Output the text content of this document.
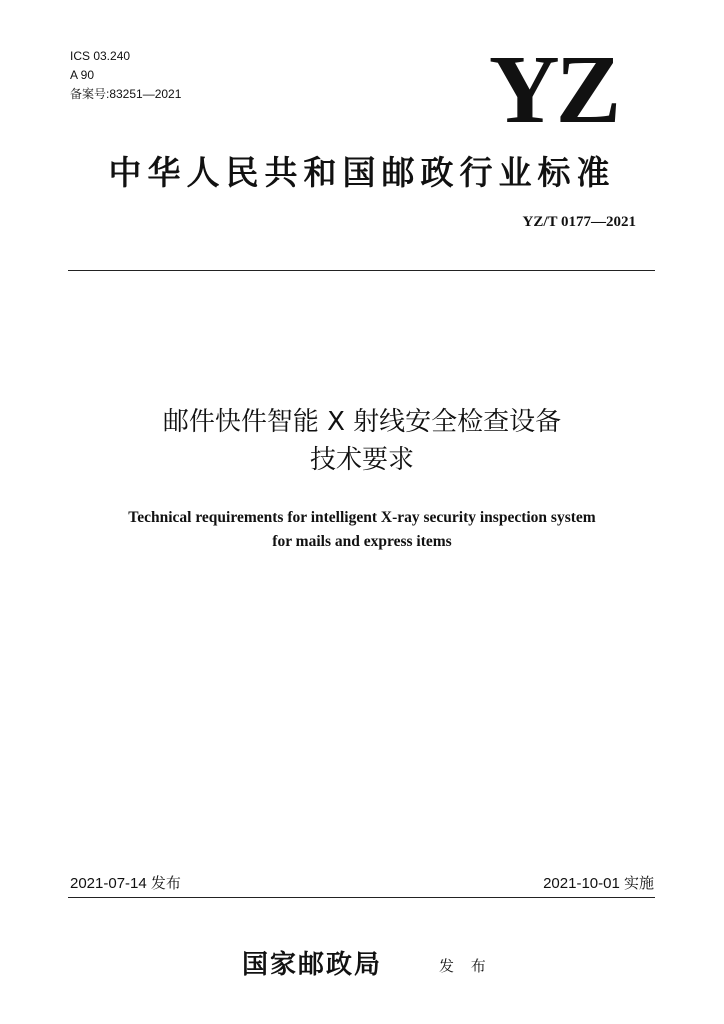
ICS 03.240
A 90
备案号:83251—2021	YZ
中华人民共和国邮政行业标准
YZ/T 0177—2021
邮件快件智能 X 射线安全检查设备
技术要求
Technical requirements for intelligent X-ray security inspection system
for mails and express items
2021-07-14 发布	2021-10-01 实施
国家邮政局	发 布
